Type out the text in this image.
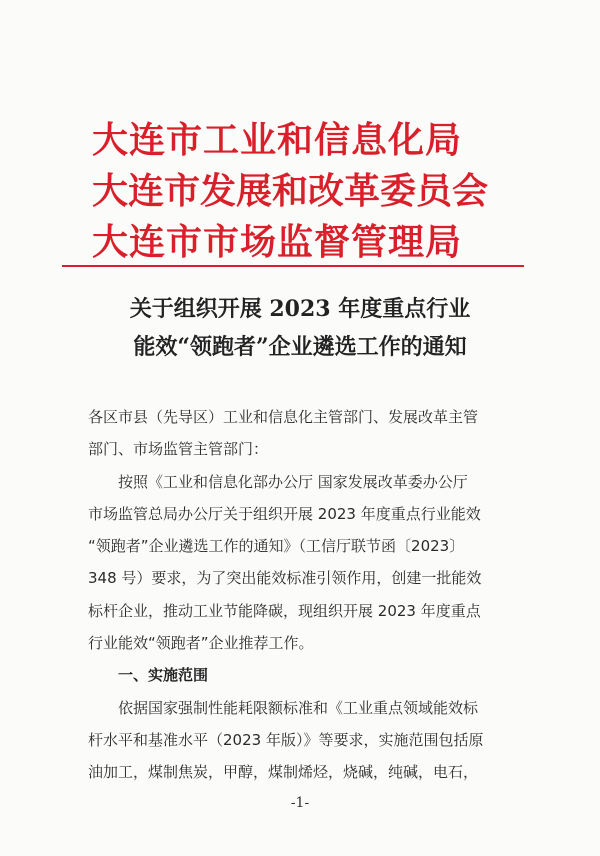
大连市工业和信息化局
大连市发展和改革委员会
大连市市场监督管理局
关于组织开展 2023 年度重点行业
能效“领跑者”企业遴选工作的通知
各区市县（先导区）工业和信息化主管部门、发展改革主管
部门、市场监管主管部门：
按照《工业和信息化部办公厅 国家发展改革委办公厅
市场监管总局办公厅关于组织开展 2023 年度重点行业能效
“领跑者”企业遴选工作的通知》（工信厅联节函〔2023〕
348 号）要求，为了突出能效标准引领作用，创建一批能效
标杆企业，推动工业节能降碳，现组织开展 2023 年度重点
行业能效“领跑者”企业推荐工作。
一、实施范围
依据国家强制性能耗限额标准和《工业重点领域能效标
杆水平和基准水平（2023 年版）》等要求，实施范围包括原
油加工，煤制焦炭，甲醇，煤制烯烃，烧碱，纯碱，电石，
-1-
